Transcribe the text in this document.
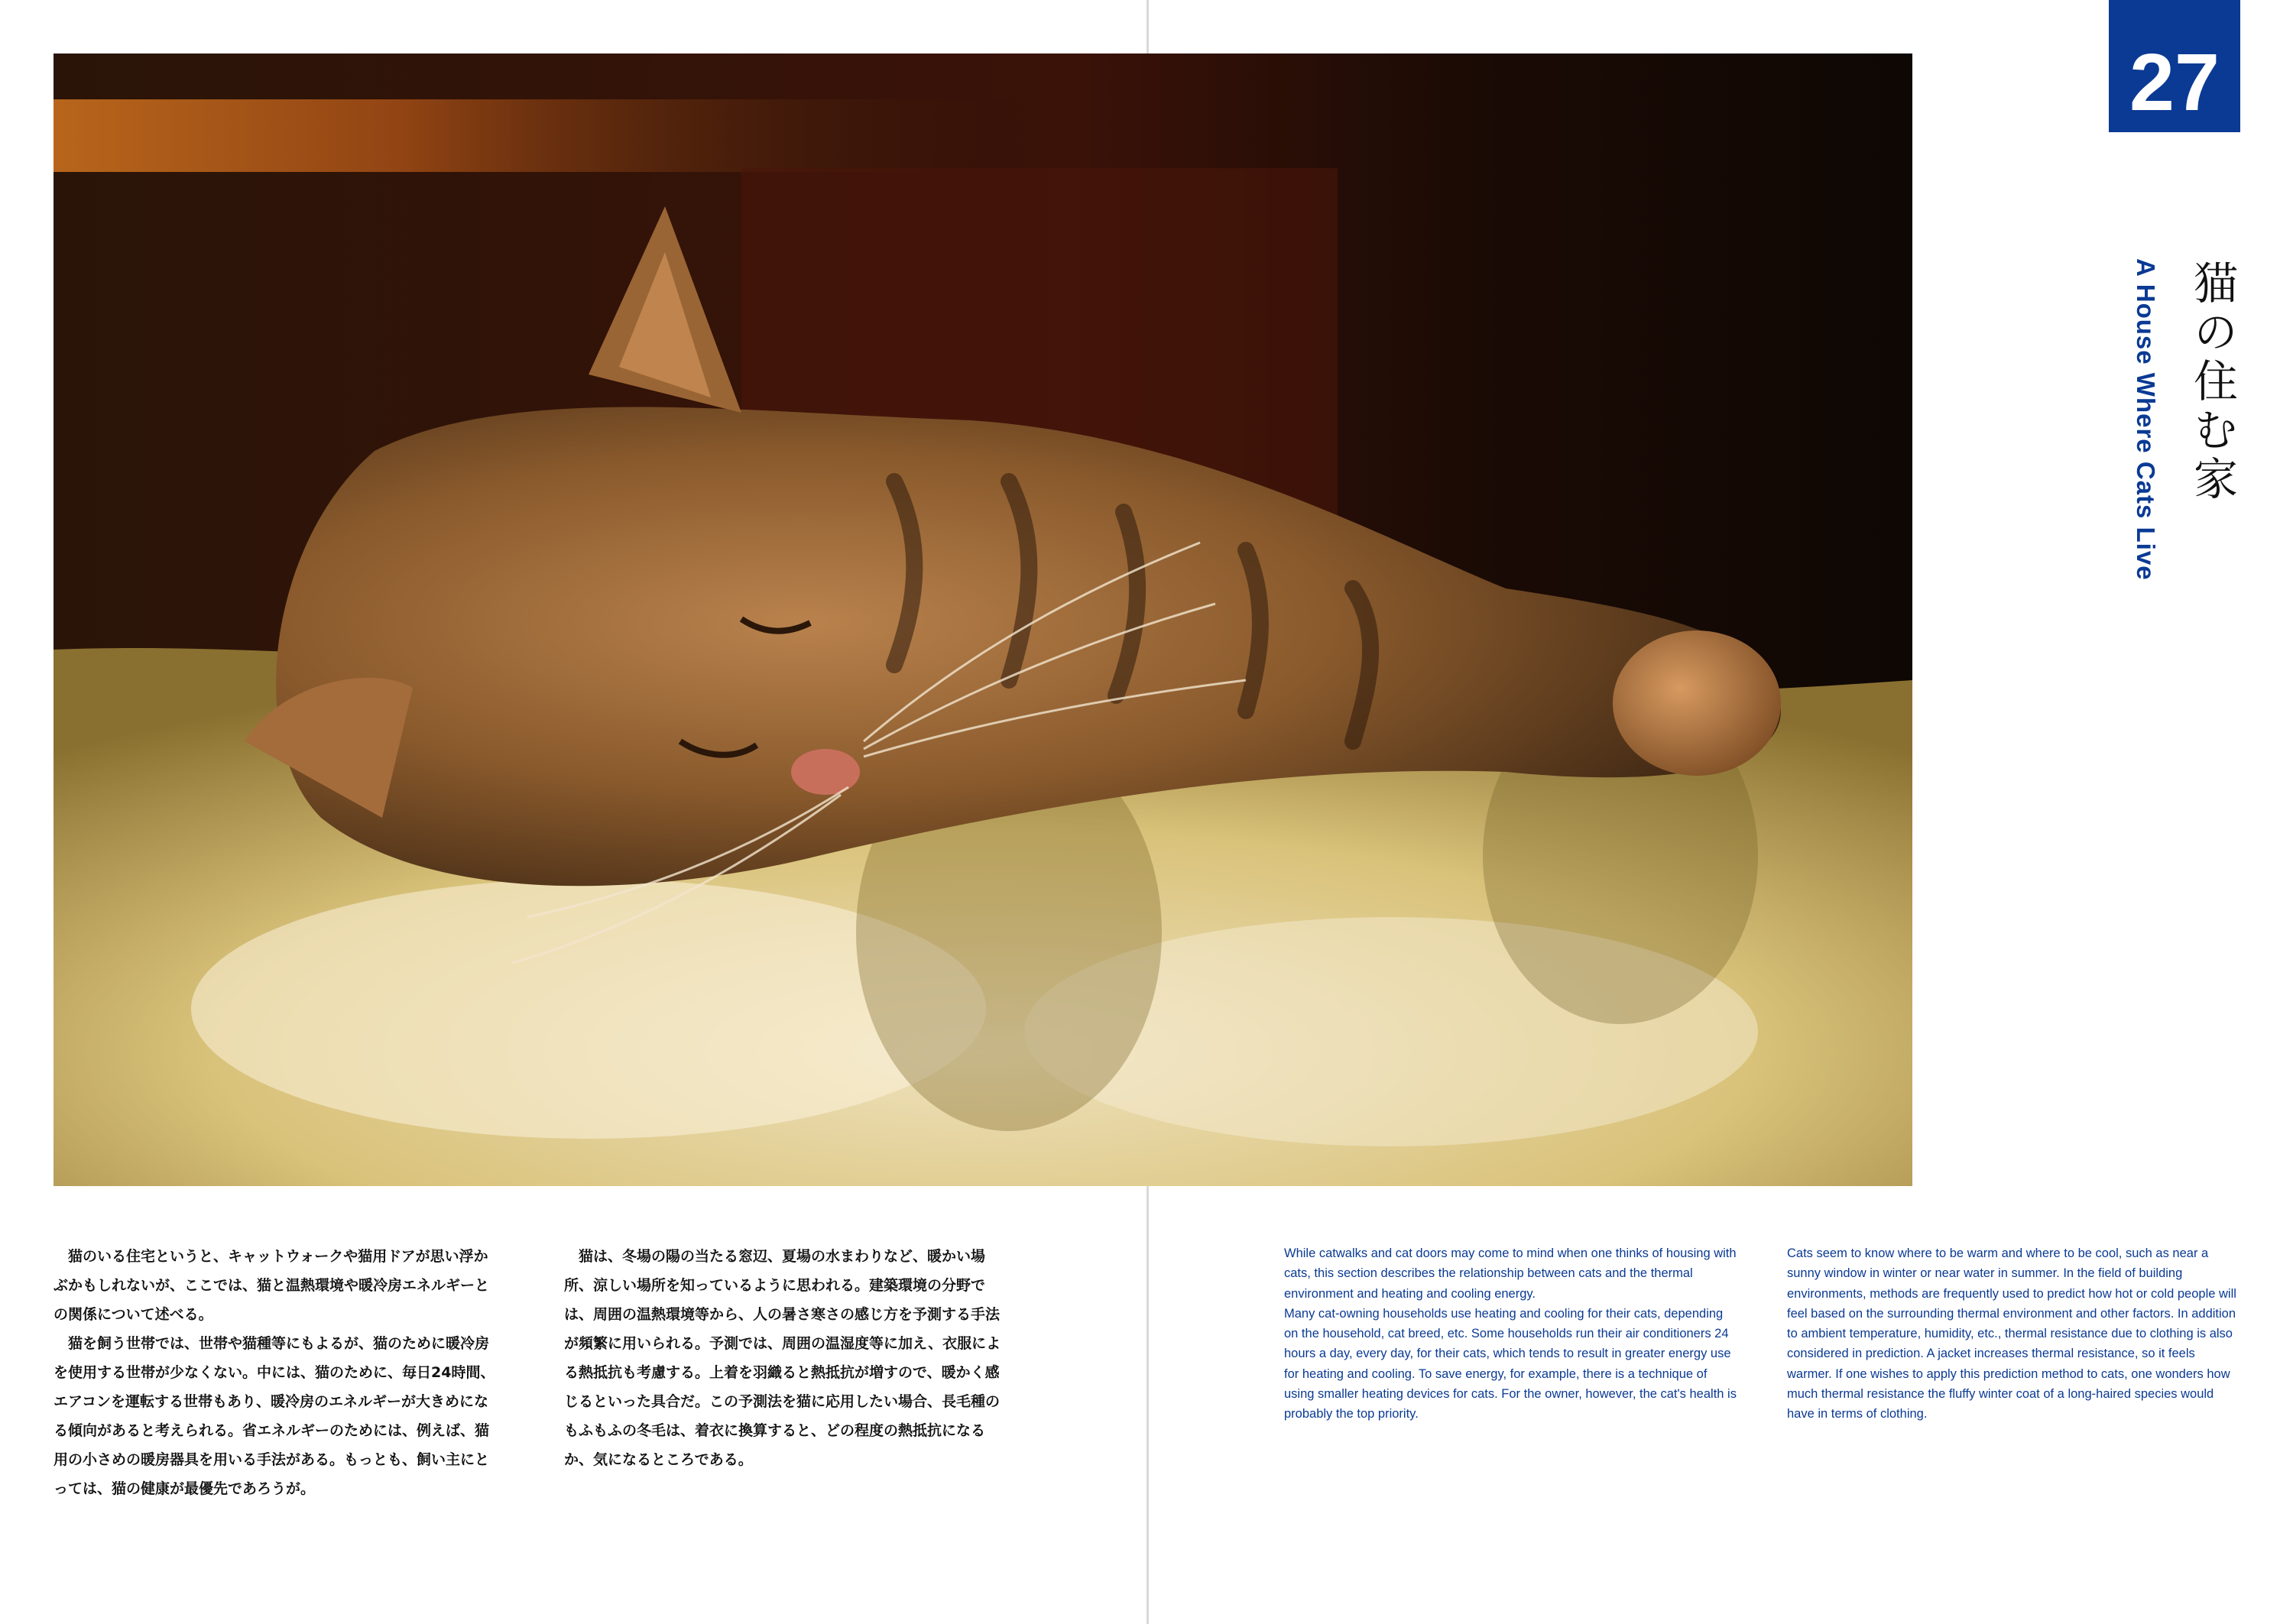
27
猫の住む家
A House Where Cats Live

猫のいる住宅というと、キャットウォークや猫用ドアが思い浮かぶかもしれないが、ここでは、猫と温熱環境や暖冷房エネルギーとの関係について述べる。

猫を飼う世帯では、世帯や猫種等にもよるが、猫のために暖冷房を使用する世帯が少なくない。中には、猫のために、毎日24時間、エアコンを運転する世帯もあり、暖冷房のエネルギーが大きめになる傾向があると考えられる。省エネルギーのためには、例えば、猫用の小さめの暖房器具を用いる手法がある。もっとも、飼い主にとっては、猫の健康が最優先であろうが。

猫は、冬場の陽の当たる窓辺、夏場の水まわりなど、暖かい場所、涼しい場所を知っているように思われる。建築環境の分野では、周囲の温熱環境等から、人の暑さ寒さの感じ方を予測する手法が頻繁に用いられる。予測では、周囲の温湿度等に加え、衣服による熱抵抗も考慮する。上着を羽織ると熱抵抗が増すので、暖かく感じるといった具合だ。この予測法を猫に応用したい場合、長毛種のもふもふの冬毛は、着衣に換算すると、どの程度の熱抵抗になるか、気になるところである。

While catwalks and cat doors may come to mind when one thinks of housing with cats, this section describes the relationship between cats and the thermal environment and heating and cooling energy.

Many cat-owning households use heating and cooling for their cats, depending on the household, cat breed, etc. Some households run their air conditioners 24 hours a day, every day, for their cats, which tends to result in greater energy use for heating and cooling. To save energy, for example, there is a technique of using smaller heating devices for cats. For the owner, however, the cat's health is probably the top priority.

Cats seem to know where to be warm and where to be cool, such as near a sunny window in winter or near water in summer. In the field of building environments, methods are frequently used to predict how hot or cold people will feel based on the surrounding thermal environment and other factors. In addition to ambient temperature, humidity, etc., thermal resistance due to clothing is also considered in prediction. A jacket increases thermal resistance, so it feels warmer. If one wishes to apply this prediction method to cats, one wonders how much thermal resistance the fluffy winter coat of a long-haired species would have in terms of clothing.
